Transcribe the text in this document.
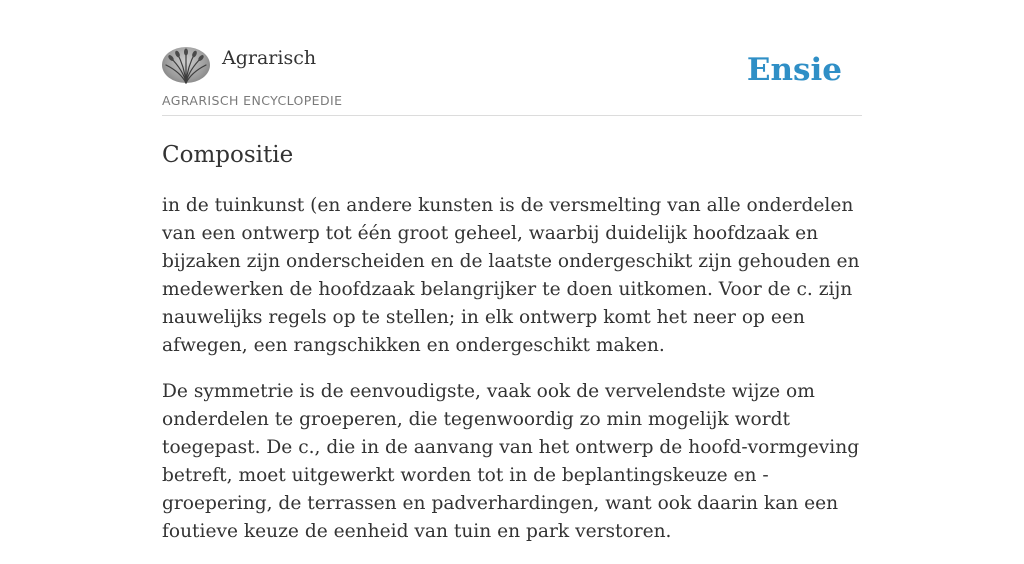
Agrarisch
AGRARISCH ENCYCLOPEDIE
Ensie
Compositie

in de tuinkunst (en andere kunsten is de versmelting van alle onderdelen van een ontwerp tot één groot geheel, waarbij duidelijk hoofdzaak en bijzaken zijn onderscheiden en de laatste ondergeschikt zijn gehouden en medewerken de hoofdzaak belangrijker te doen uitkomen. Voor de c. zijn nauwelijks regels op te stellen; in elk ontwerp komt het neer op een afwegen, een rangschikken en ondergeschikt maken.

De symmetrie is de eenvoudigste, vaak ook de vervelendste wijze om onderdelen te groeperen, die tegenwoordig zo min mogelijk wordt toegepast. De c., die in de aanvang van het ontwerp de hoofd-vormgeving betreft, moet uitgewerkt worden tot in de beplantingskeuze en -groepering, de terrassen en padverhardingen, want ook daarin kan een foutieve keuze de eenheid van tuin en park verstoren.
